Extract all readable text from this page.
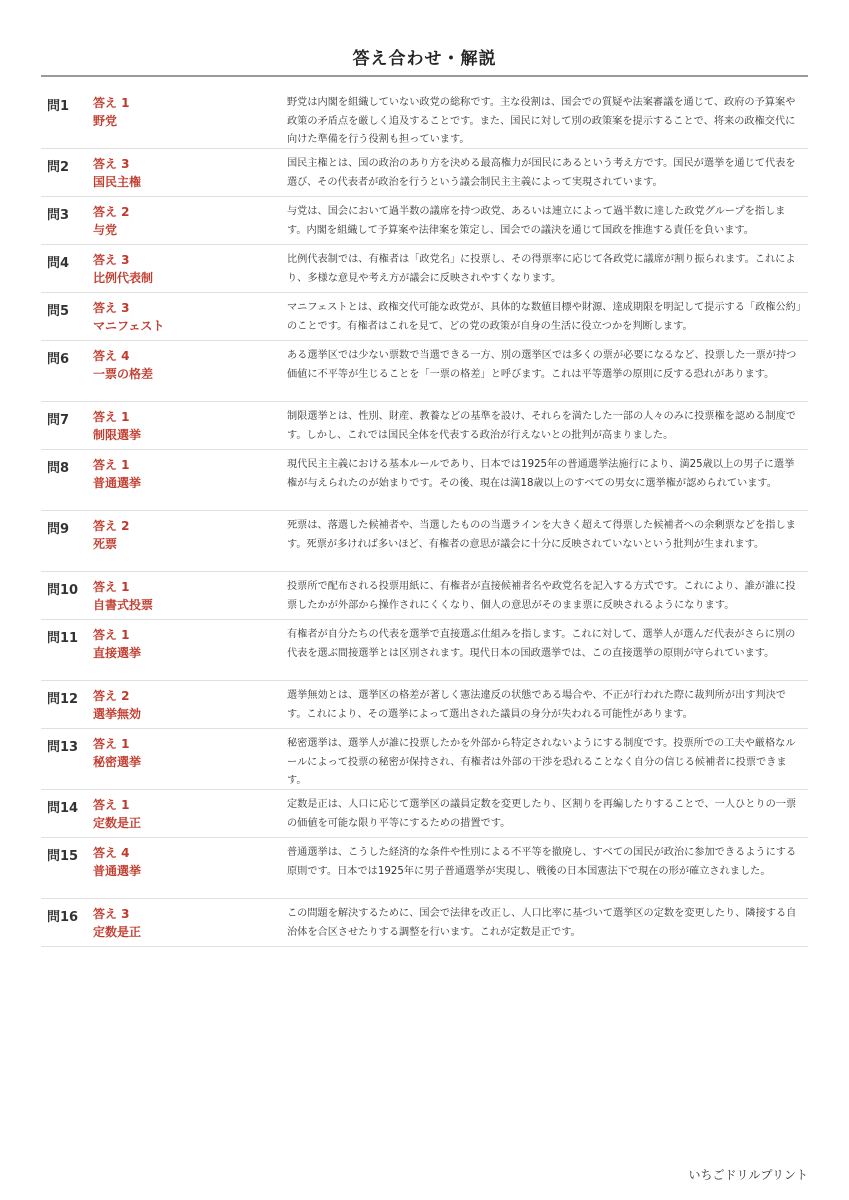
答え合わせ・解説
問1 答え 1
野党
野党は内閣を組織していない政党の総称です。主な役割は、国会での質疑や法案審議を通じて、政府の予算案や政策の矛盾点を厳しく追及することです。また、国民に対して別の政策案を提示することで、将来の政権交代に向けた準備を行う役割も担っています。
問2 答え 3
国民主権
国民主権とは、国の政治のあり方を決める最高権力が国民にあるという考え方です。国民が選挙を通じて代表を選び、その代表者が政治を行うという議会制民主主義によって実現されています。
問3 答え 2
与党
与党は、国会において過半数の議席を持つ政党、あるいは連立によって過半数に達した政党グループを指します。内閣を組織して予算案や法律案を策定し、国会での議決を通じて国政を推進する責任を負います。
問4 答え 3
比例代表制
比例代表制では、有権者は「政党名」に投票し、その得票率に応じて各政党に議席が割り振られます。これにより、多様な意見や考え方が議会に反映されやすくなります。
問5 答え 3
マニフェスト
マニフェストとは、政権交代可能な政党が、具体的な数値目標や財源、達成期限を明記して提示する「政権公約」のことです。有権者はこれを見て、どの党の政策が自身の生活に役立つかを判断します。
問6 答え 4
一票の格差
ある選挙区では少ない票数で当選できる一方、別の選挙区では多くの票が必要になるなど、投票した一票が持つ価値に不平等が生じることを「一票の格差」と呼びます。これは平等選挙の原則に反する恐れがあります。
問7 答え 1
制限選挙
制限選挙とは、性別、財産、教養などの基準を設け、それらを満たした一部の人々のみに投票権を認める制度です。しかし、これでは国民全体を代表する政治が行えないとの批判が高まりました。
問8 答え 1
普通選挙
現代民主主義における基本ルールであり、日本では1925年の普通選挙法施行により、満25歳以上の男子に選挙権が与えられたのが始まりです。その後、現在は満18歳以上のすべての男女に選挙権が認められています。
問9 答え 2
死票
死票は、落選した候補者や、当選したものの当選ラインを大きく超えて得票した候補者への余剰票などを指します。死票が多ければ多いほど、有権者の意思が議会に十分に反映されていないという批判が生まれます。
問10 答え 1
自書式投票
投票所で配布される投票用紙に、有権者が直接候補者名や政党名を記入する方式です。これにより、誰が誰に投票したかが外部から操作されにくくなり、個人の意思がそのまま票に反映されるようになります。
問11 答え 1
直接選挙
有権者が自分たちの代表を選挙で直接選ぶ仕組みを指します。これに対して、選挙人が選んだ代表がさらに別の代表を選ぶ間接選挙とは区別されます。現代日本の国政選挙では、この直接選挙の原則が守られています。
問12 答え 2
選挙無効
選挙無効とは、選挙区の格差が著しく憲法違反の状態である場合や、不正が行われた際に裁判所が出す判決です。これにより、その選挙によって選出された議員の身分が失われる可能性があります。
問13 答え 1
秘密選挙
秘密選挙は、選挙人が誰に投票したかを外部から特定されないようにする制度です。投票所での工夫や厳格なルールによって投票の秘密が保持され、有権者は外部の干渉を恐れることなく自分の信じる候補者に投票できます。
問14 答え 1
定数是正
定数是正は、人口に応じて選挙区の議員定数を変更したり、区割りを再編したりすることで、一人ひとりの一票の価値を可能な限り平等にするための措置です。
問15 答え 4
普通選挙
普通選挙は、こうした経済的な条件や性別による不平等を撤廃し、すべての国民が政治に参加できるようにする原則です。日本では1925年に男子普通選挙が実現し、戦後の日本国憲法下で現在の形が確立されました。
問16 答え 3
定数是正
この問題を解決するために、国会で法律を改正し、人口比率に基づいて選挙区の定数を変更したり、隣接する自治体を合区させたりする調整を行います。これが定数是正です。
いちごドリルプリント
